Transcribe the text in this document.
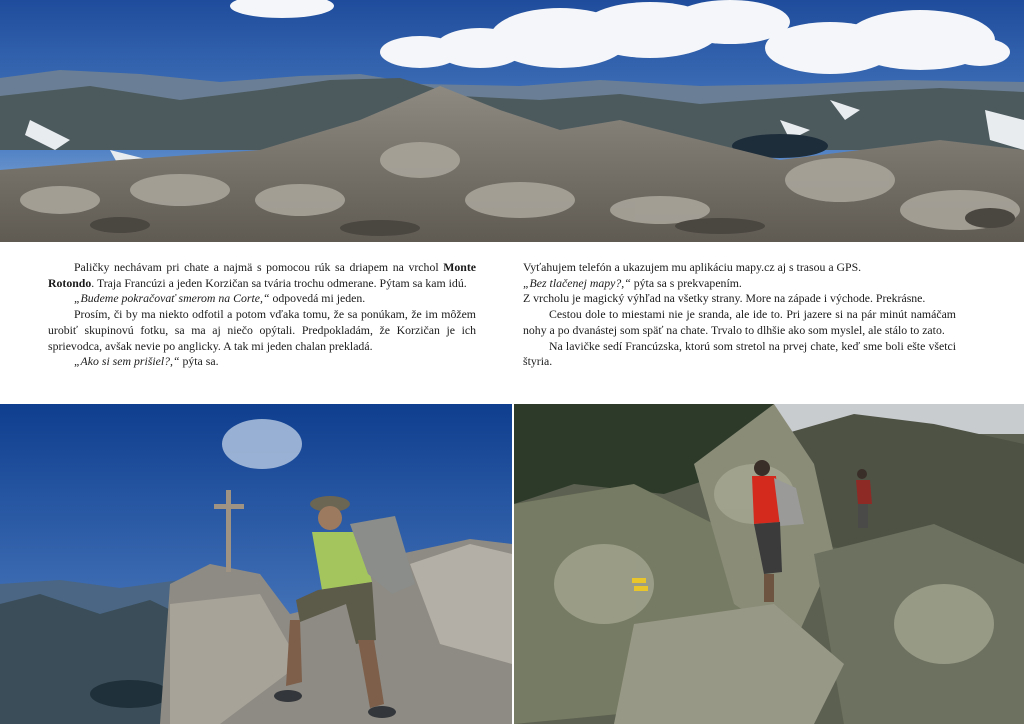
Paličky nechávam pri chate a najmä s pomocou rúk sa driapem na vrchol Monte Rotondo. Traja Francúzi a jeden Korzičan sa tvária trochu odmerane. Pýtam sa kam idú.

„Budeme pokračovať smerom na Corte,“ odpovedá mi jeden.

Prosím, či by ma niekto odfotil a potom vďaka tomu, že sa ponúkam, že im môžem urobiť skupinovú fotku, sa ma aj niečo opýtali. Predpokladám, že Korzičan je ich sprievodca, avšak nevie po anglicky. A tak mi jeden chalan prekladá.

„Ako si sem prišiel?,“ pýta sa.

Vyťahujem telefón a ukazujem mu aplikáciu mapy.cz aj s trasou a GPS.

„Bez tlačenej mapy?,“ pýta sa s prekvapením.

Z vrcholu je magický výhľad na všetky strany. More na západe i východe. Prekrásne.

Cestou dole to miestami nie je sranda, ale ide to. Pri jazere si na pár minút namáčam nohy a po dvanástej som späť na chate. Trvalo to dlhšie ako som myslel, ale stálo to zato.

Na lavičke sedí Francúzska, ktorú som stretol na prvej chate, keď sme boli ešte všetci štyria.
